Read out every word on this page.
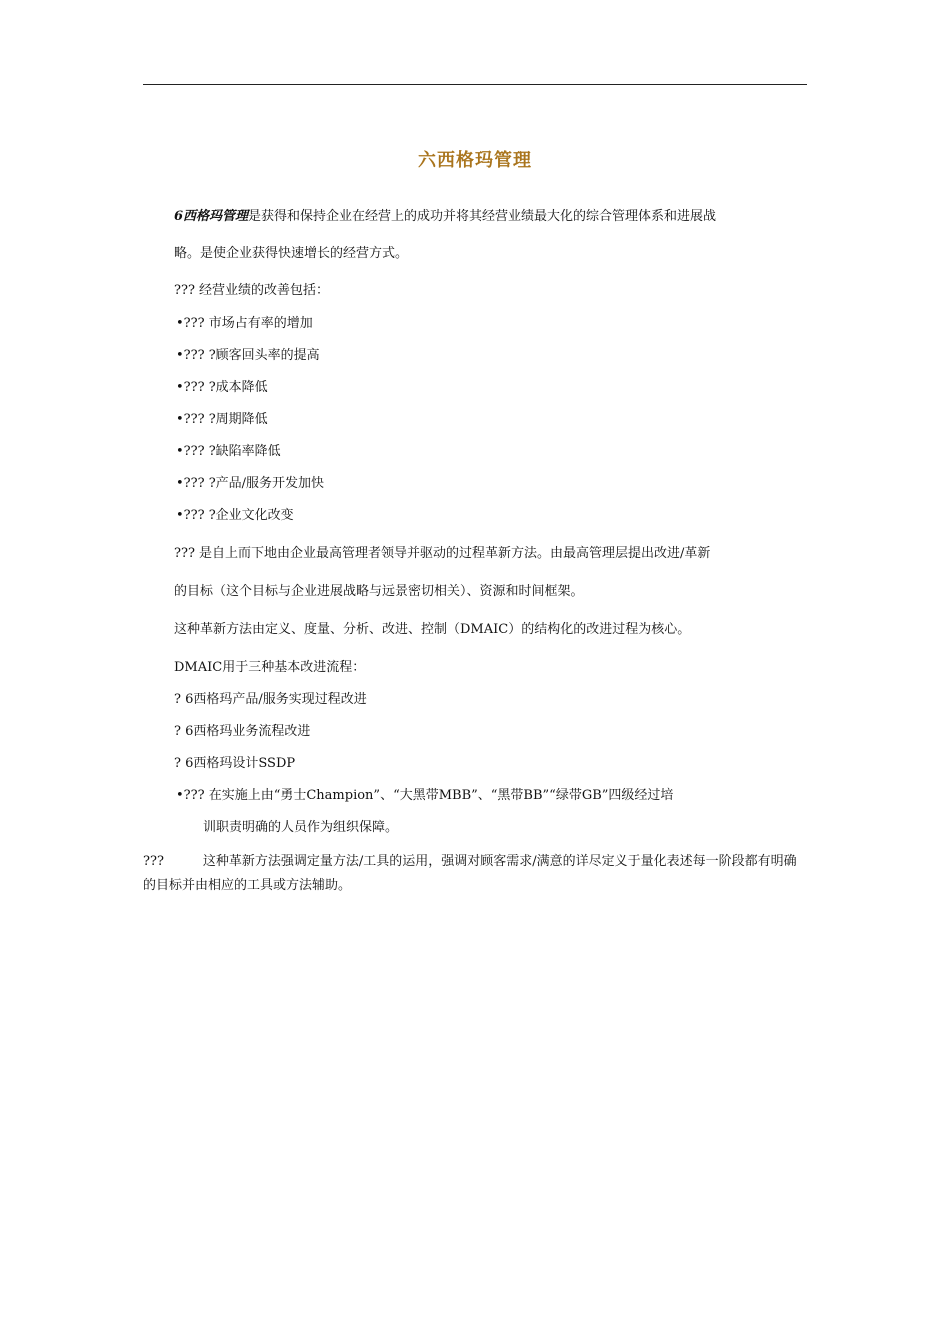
六西格玛管理
6西格玛管理是获得和保持企业在经营上的成功并将其经营业绩最大化的综合管理体系和进展战
略。是使企业获得快速增长的经营方式。
??? 经营业绩的改善包括：
•??? 市场占有率的增加
•??? ?顾客回头率的提高
•??? ?成本降低
•??? ?周期降低
•??? ?缺陷率降低
•??? ?产品/服务开发加快
•??? ?企业文化改变
??? 是自上而下地由企业最高管理者领导并驱动的过程革新方法。由最高管理层提出改进/革新
的目标（这个目标与企业进展战略与远景密切相关）、资源和时间框架。
这种革新方法由定义、度量、分析、改进、控制（DMAIC）的结构化的改进过程为核心。
DMAIC用于三种基本改进流程：
? 6西格玛产品/服务实现过程改进
? 6西格玛业务流程改进
? 6西格玛设计SSDP
•??? 在实施上由“勇士Champion”、“大黑带MBB”、“黑带BB”“绿带GB”四级经过培
训职责明确的人员作为组织保障。
???　　　这种革新方法强调定量方法/工具的运用，强调对顾客需求/满意的详尽定义于量化表述每一阶段都有明确的目标并由相应的工具或方法辅助。
